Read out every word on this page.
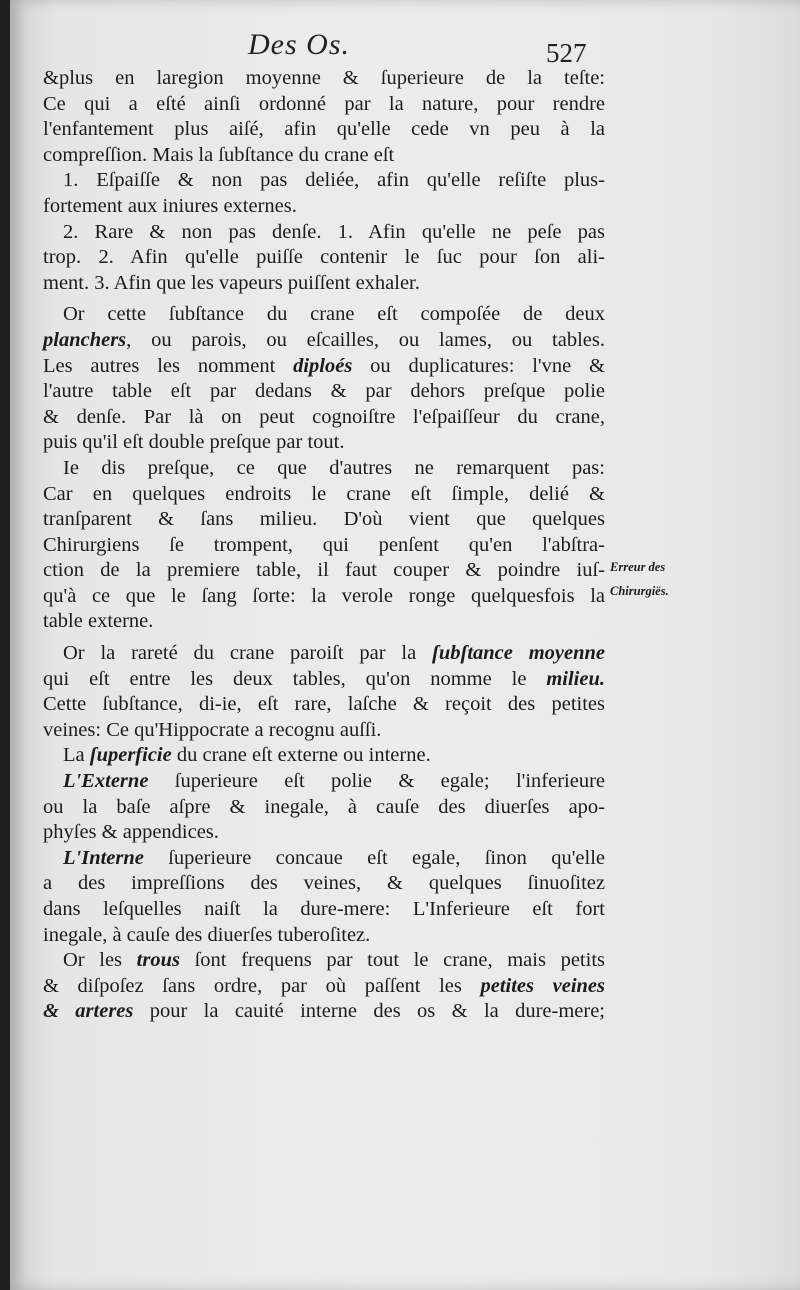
Des Os.	527
&plus en laregion moyenne & ſuperieure de la teſte:
Ce qui a eſté ainſi ordonné par la nature, pour rendre
l'enfantement plus aiſé, afin qu'elle cede vn peu à la
compreſſion. Mais la ſubſtance du crane eſt
1. Eſpaiſſe & non pas deliée, afin qu'elle reſiſte plus-
fortement aux iniures externes.
2. Rare & non pas denſe. 1. Afin qu'elle ne peſe pas
trop. 2. Afin qu'elle puiſſe contenir le ſuc pour ſon ali-
ment. 3. Afin que les vapeurs puiſſent exhaler.
Or cette ſubſtance du crane eſt compoſée de deux
planchers, ou parois, ou eſcailles, ou lames, ou tables.
Les autres les nomment diploés ou duplicatures: l'vne &
l'autre table eſt par dedans & par dehors preſque polie
& denſe. Par là on peut cognoiſtre l'eſpaiſſeur du crane,
puis qu'il eſt double preſque par tout.
Ie dis preſque, ce que d'autres ne remarquent pas:
Car en quelques endroits le crane eſt ſimple, delié &
tranſparent & ſans milieu. D'où vient que quelques
Chirurgiens ſe trompent, qui penſent qu'en l'abſtra-
ction de la premiere table, il faut couper & poindre iuſ-
qu'à ce que le ſang ſorte: la verole ronge quelquesfois la
table externe.
Or la rareté du crane paroiſt par la ſubſtance moyenne
qui eſt entre les deux tables, qu'on nomme le milieu.
Cette ſubſtance, di-ie, eſt rare, laſche & reçoit des petites
veines: Ce qu'Hippocrate a recognu auſſi.
La ſuperficie du crane eſt externe ou interne.
L'Externe ſuperieure eſt polie & egale; l'inferieure
ou la baſe aſpre & inegale, à cauſe des diuerſes apo-
phyſes & appendices.
L'Interne ſuperieure concaue eſt egale, ſinon qu'elle
a des impreſſions des veines, & quelques ſinuoſitez
dans leſquelles naiſt la dure-mere: L'Inferieure eſt fort
inegale, à cauſe des diuerſes tuberoſitez.
Or les trous ſont frequens par tout le crane, mais petits
& diſpoſez ſans ordre, par où paſſent les petites veines
& arteres pour la cauité interne des os & la dure-mere;
Erreur des
Chirurgiës.
